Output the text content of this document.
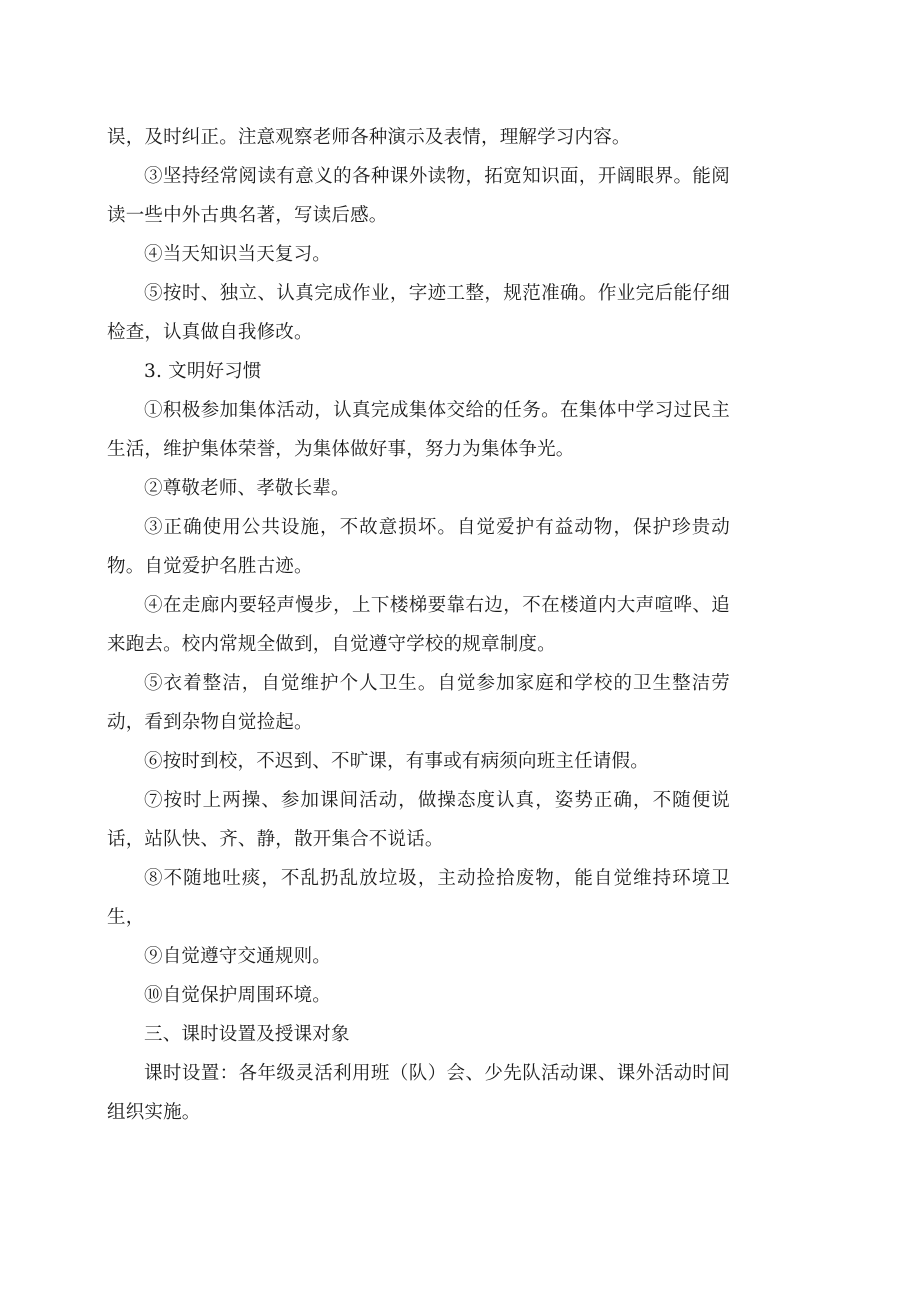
误，及时纠正。注意观察老师各种演示及表情，理解学习内容。

③坚持经常阅读有意义的各种课外读物，拓宽知识面，开阔眼界。能阅读一些中外古典名著，写读后感。

④当天知识当天复习。

⑤按时、独立、认真完成作业，字迹工整，规范准确。作业完后能仔细检查，认真做自我修改。

3. 文明好习惯

①积极参加集体活动，认真完成集体交给的任务。在集体中学习过民主生活，维护集体荣誉，为集体做好事，努力为集体争光。

②尊敬老师、孝敬长辈。

③正确使用公共设施，不故意损坏。自觉爱护有益动物，保护珍贵动物。自觉爱护名胜古迹。

④在走廊内要轻声慢步，上下楼梯要靠右边，不在楼道内大声喧哗、追来跑去。校内常规全做到，自觉遵守学校的规章制度。

⑤衣着整洁，自觉维护个人卫生。自觉参加家庭和学校的卫生整洁劳动，看到杂物自觉捡起。

⑥按时到校，不迟到、不旷课，有事或有病须向班主任请假。

⑦按时上两操、参加课间活动，做操态度认真，姿势正确，不随便说话，站队快、齐、静，散开集合不说话。

⑧不随地吐痰，不乱扔乱放垃圾，主动捡拾废物，能自觉维持环境卫生，

⑨自觉遵守交通规则。

⑩自觉保护周围环境。

三、课时设置及授课对象

课时设置：各年级灵活利用班（队）会、少先队活动课、课外活动时间组织实施。
